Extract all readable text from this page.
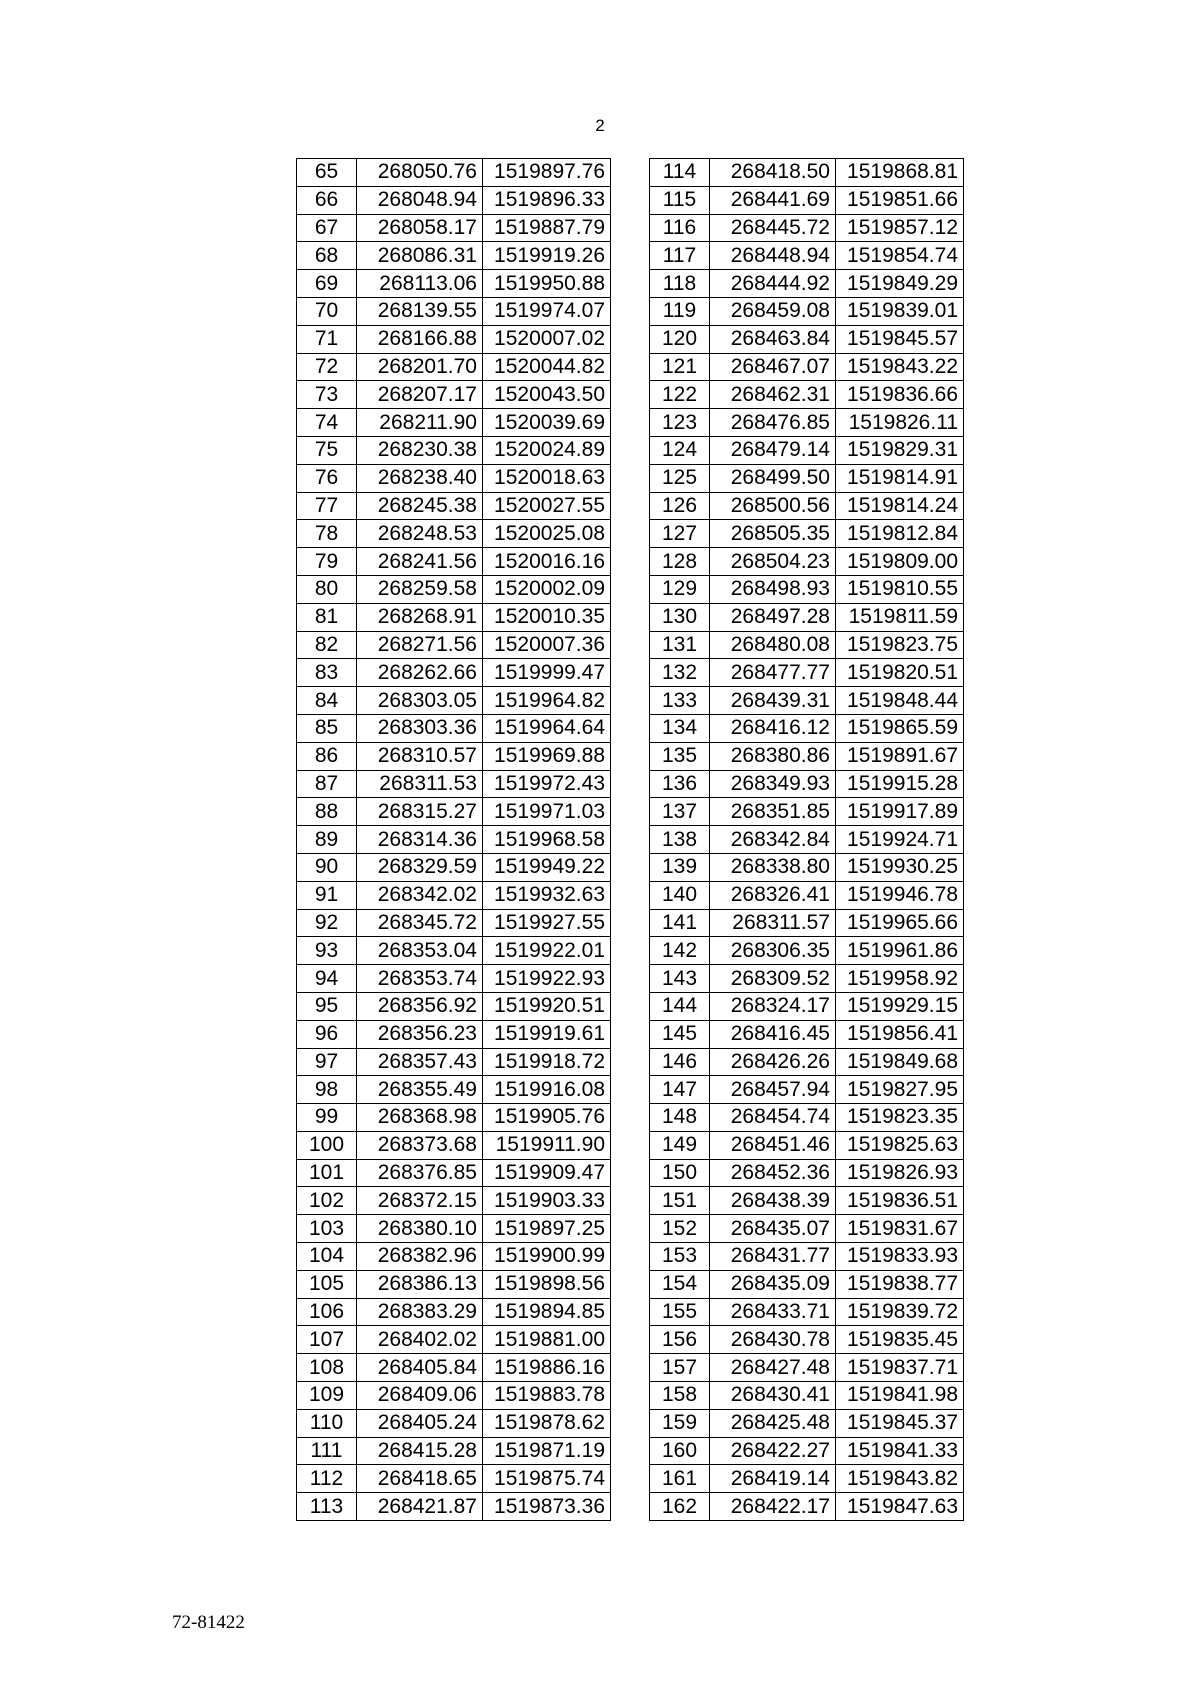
2
65	268050.76	1519897.76
66	268048.94	1519896.33
67	268058.17	1519887.79
68	268086.31	1519919.26
69	268113.06	1519950.88
70	268139.55	1519974.07
71	268166.88	1520007.02
72	268201.70	1520044.82
73	268207.17	1520043.50
74	268211.90	1520039.69
75	268230.38	1520024.89
76	268238.40	1520018.63
77	268245.38	1520027.55
78	268248.53	1520025.08
79	268241.56	1520016.16
80	268259.58	1520002.09
81	268268.91	1520010.35
82	268271.56	1520007.36
83	268262.66	1519999.47
84	268303.05	1519964.82
85	268303.36	1519964.64
86	268310.57	1519969.88
87	268311.53	1519972.43
88	268315.27	1519971.03
89	268314.36	1519968.58
90	268329.59	1519949.22
91	268342.02	1519932.63
92	268345.72	1519927.55
93	268353.04	1519922.01
94	268353.74	1519922.93
95	268356.92	1519920.51
96	268356.23	1519919.61
97	268357.43	1519918.72
98	268355.49	1519916.08
99	268368.98	1519905.76
100	268373.68	1519911.90
101	268376.85	1519909.47
102	268372.15	1519903.33
103	268380.10	1519897.25
104	268382.96	1519900.99
105	268386.13	1519898.56
106	268383.29	1519894.85
107	268402.02	1519881.00
108	268405.84	1519886.16
109	268409.06	1519883.78
110	268405.24	1519878.62
111	268415.28	1519871.19
112	268418.65	1519875.74
113	268421.87	1519873.36
114	268418.50	1519868.81
115	268441.69	1519851.66
116	268445.72	1519857.12
117	268448.94	1519854.74
118	268444.92	1519849.29
119	268459.08	1519839.01
120	268463.84	1519845.57
121	268467.07	1519843.22
122	268462.31	1519836.66
123	268476.85	1519826.11
124	268479.14	1519829.31
125	268499.50	1519814.91
126	268500.56	1519814.24
127	268505.35	1519812.84
128	268504.23	1519809.00
129	268498.93	1519810.55
130	268497.28	1519811.59
131	268480.08	1519823.75
132	268477.77	1519820.51
133	268439.31	1519848.44
134	268416.12	1519865.59
135	268380.86	1519891.67
136	268349.93	1519915.28
137	268351.85	1519917.89
138	268342.84	1519924.71
139	268338.80	1519930.25
140	268326.41	1519946.78
141	268311.57	1519965.66
142	268306.35	1519961.86
143	268309.52	1519958.92
144	268324.17	1519929.15
145	268416.45	1519856.41
146	268426.26	1519849.68
147	268457.94	1519827.95
148	268454.74	1519823.35
149	268451.46	1519825.63
150	268452.36	1519826.93
151	268438.39	1519836.51
152	268435.07	1519831.67
153	268431.77	1519833.93
154	268435.09	1519838.77
155	268433.71	1519839.72
156	268430.78	1519835.45
157	268427.48	1519837.71
158	268430.41	1519841.98
159	268425.48	1519845.37
160	268422.27	1519841.33
161	268419.14	1519843.82
162	268422.17	1519847.63
72-81422
